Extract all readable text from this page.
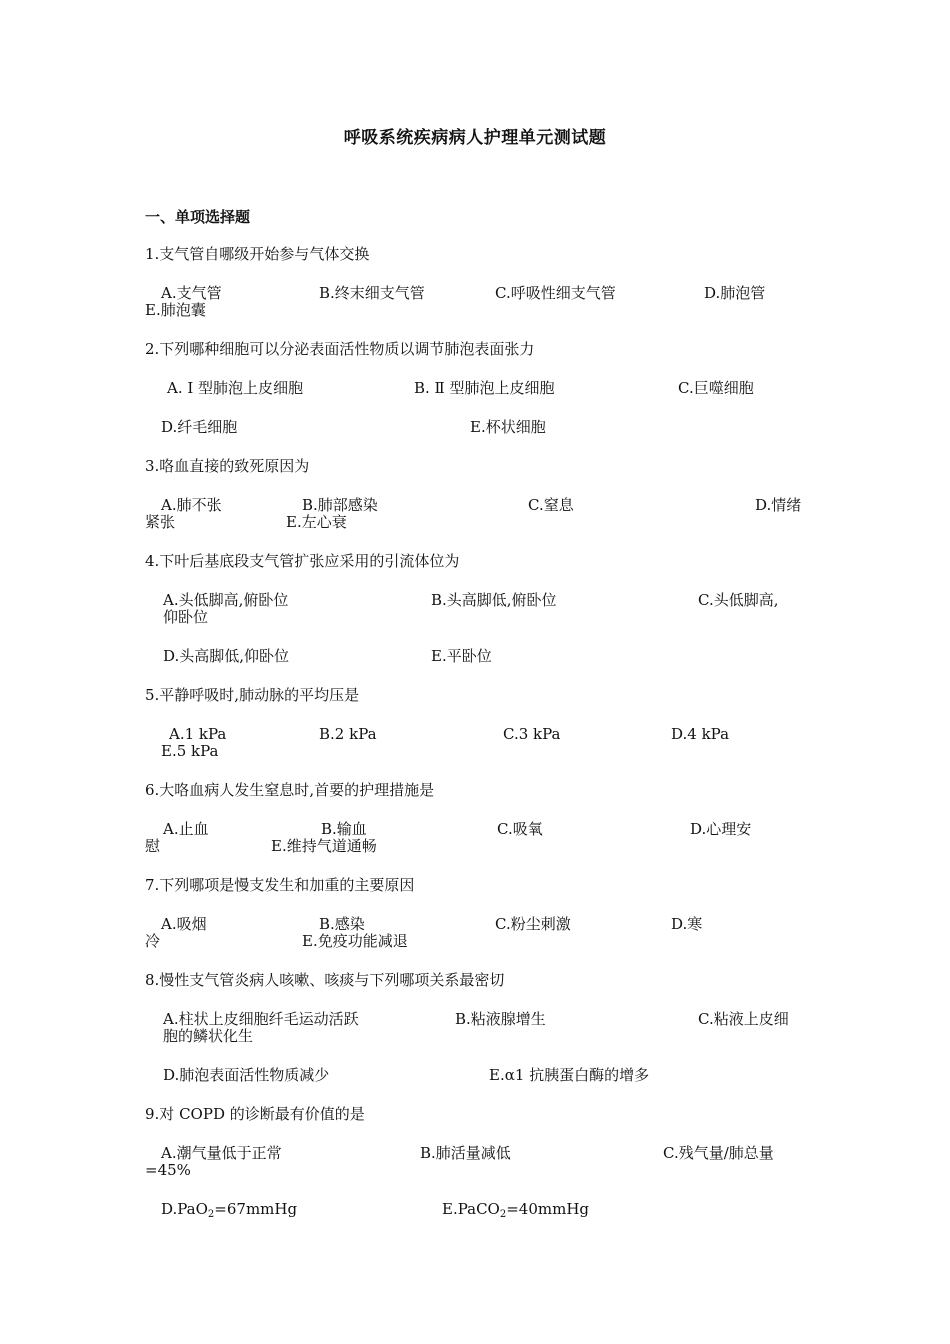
呼吸系统疾病病人护理单元测试题
一、单项选择题
1.支气管自哪级开始参与气体交换
A.支气管	B.终末细支气管	C.呼吸性细支气管	D.肺泡管
E.肺泡囊
2.下列哪种细胞可以分泌表面活性物质以调节肺泡表面张力
A. Ⅰ 型肺泡上皮细胞	B. Ⅱ 型肺泡上皮细胞	C.巨噬细胞
D.纤毛细胞	E.杯状细胞
3.咯血直接的致死原因为
A.肺不张	B.肺部感染	C.窒息	D.情绪
紧张	E.左心衰
4.下叶后基底段支气管扩张应采用的引流体位为
A.头低脚高,俯卧位	B.头高脚低,俯卧位	C.头低脚高,
仰卧位
D.头高脚低,仰卧位	E.平卧位
5.平静呼吸时,肺动脉的平均压是
A.1 kPa	B.2 kPa	C.3 kPa	D.4 kPa
E.5 kPa
6.大咯血病人发生窒息时,首要的护理措施是
A.止血	B.输血	C.吸氧	D.心理安
慰	E.维持气道通畅
7.下列哪项是慢支发生和加重的主要原因
A.吸烟	B.感染	C.粉尘刺激	D.寒
冷	E.免疫功能减退
8.慢性支气管炎病人咳嗽、咳痰与下列哪项关系最密切
A.柱状上皮细胞纤毛运动活跃	B.粘液腺增生	C.粘液上皮细
胞的鳞状化生
D.肺泡表面活性物质减少	E.α1 抗胰蛋白酶的增多
9.对 COPD 的诊断最有价值的是
A.潮气量低于正常	B.肺活量减低	C.残气量/肺总量
=45%
D.PaO$_2$=67mmHg	E.PaCO$_2$=40mmHg
